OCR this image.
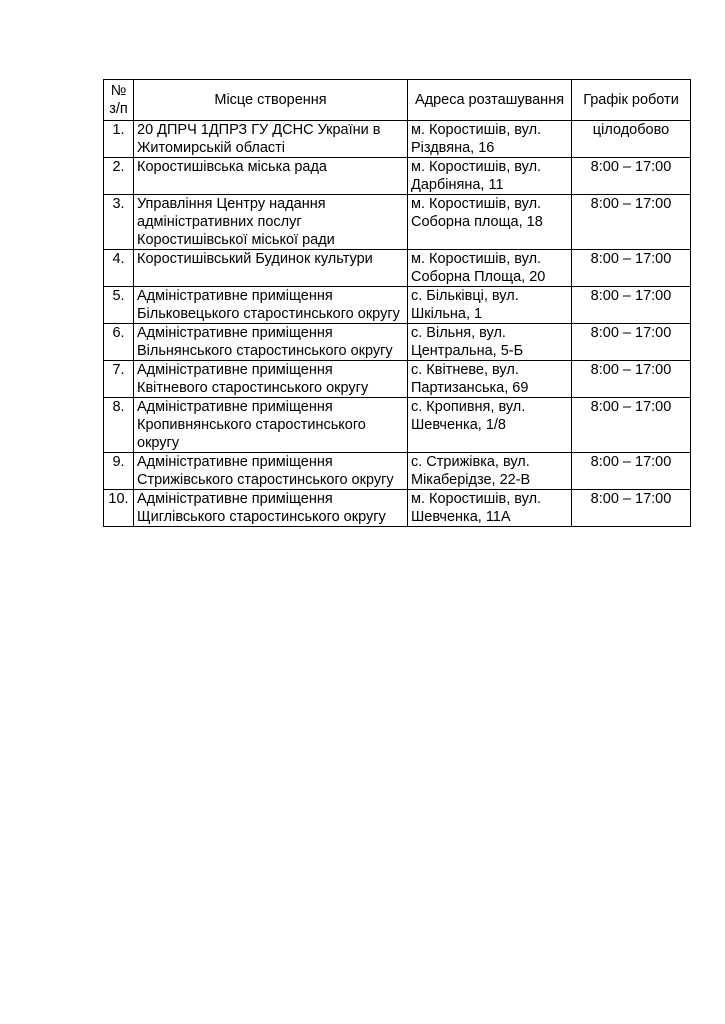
№ з/п	Місце створення	Адреса розташування	Графік роботи
1.	20 ДПРЧ 1ДПРЗ ГУ ДСНС України в Житомирській області	м. Коростишів, вул. Різдвяна, 16	цілодобово
2.	Коростишівська міська рада	м. Коростишів, вул. Дарбіняна, 11	8:00 – 17:00
3.	Управління Центру надання адміністративних послуг Коростишівської міської ради	м. Коростишів, вул. Соборна площа, 18	8:00 – 17:00
4.	Коростишівський Будинок культури	м. Коростишів, вул. Соборна Площа, 20	8:00 – 17:00
5.	Адміністративне приміщення Більковецького старостинського округу	с. Більківці, вул. Шкільна, 1	8:00 – 17:00
6.	Адміністративне приміщення Вільнянського старостинського округу	с. Вільня, вул. Центральна, 5-Б	8:00 – 17:00
7.	Адміністративне приміщення Квітневого старостинського округу	с. Квітневе, вул. Партизанська, 69	8:00 – 17:00
8.	Адміністративне приміщення Кропивнянського старостинського округу	с. Кропивня, вул. Шевченка, 1/8	8:00 – 17:00
9.	Адміністративне приміщення Стрижівського старостинського округу	с. Стрижівка, вул. Мікаберідзе, 22-В	8:00 – 17:00
10.	Адміністративне приміщення Щиглівського старостинського округу	м. Коростишів, вул. Шевченка, 11А	8:00 – 17:00
